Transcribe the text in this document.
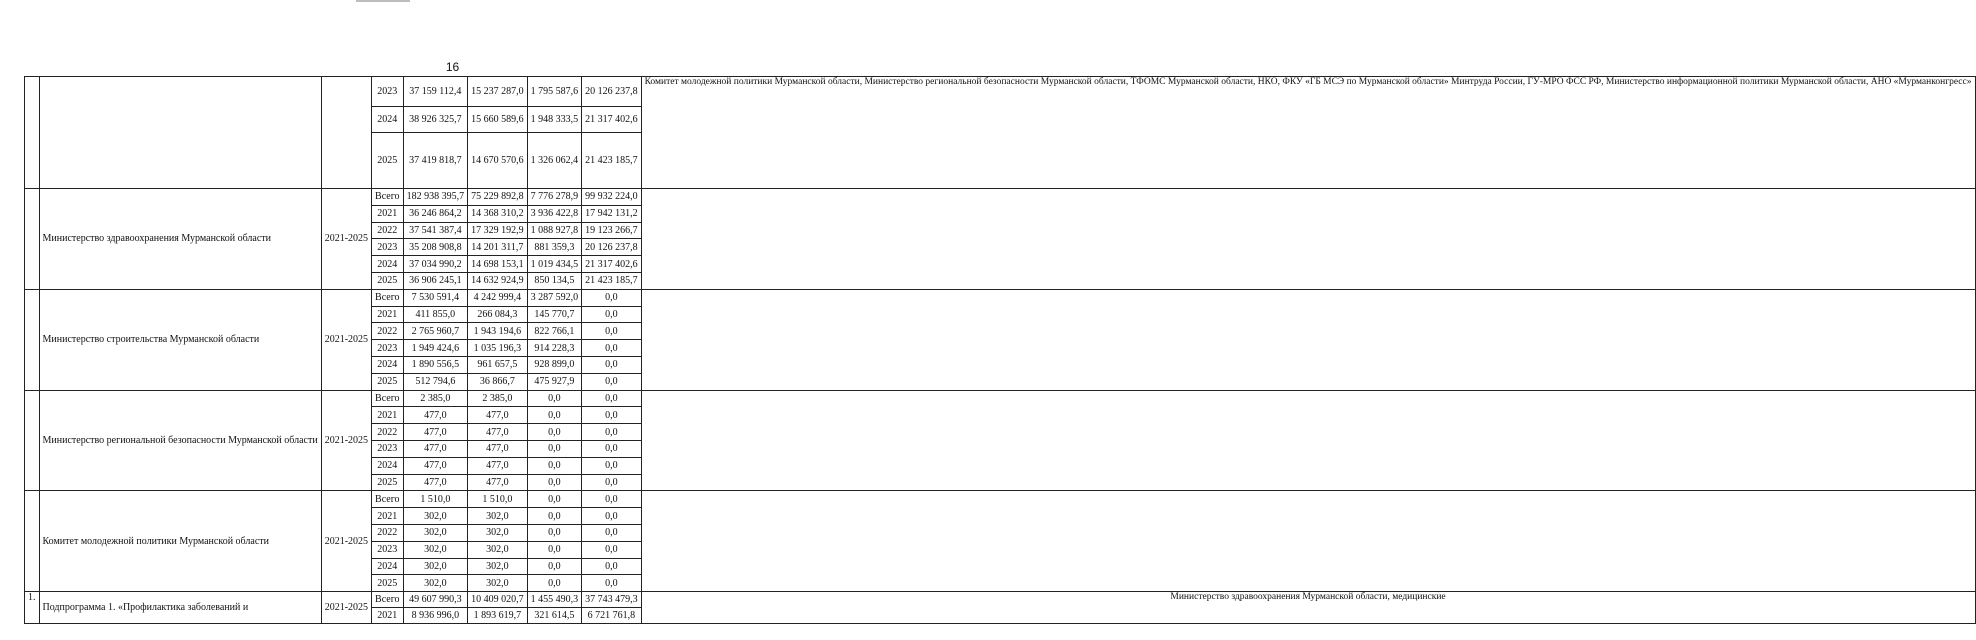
16
			2023	37 159 112,4	15 237 287,0	1 795 587,6	20 126 237,8	Комитет молодежной политики Мурманской области, Министерство региональной безопасности Мурманской области, ТФОМС Мурманской области, НКО, ФКУ «ГБ МСЭ по Мурманской области» Минтруда России, ГУ-МРО ФСС РФ, Министерство информационной политики Мурманской области, АНО «Мурманконгресс»
			2024	38 926 325,7	15 660 589,6	1 948 333,5	21 317 402,6	
			2025	37 419 818,7	14 670 570,6	1 326 062,4	21 423 185,7	
	Министерство здравоохранения Мурманской области	2021-2025	Всего	182 938 395,7	75 229 892,8	7 776 278,9	99 932 224,0	
			2021	36 246 864,2	14 368 310,2	3 936 422,8	17 942 131,2	
			2022	37 541 387,4	17 329 192,9	1 088 927,8	19 123 266,7	
			2023	35 208 908,8	14 201 311,7	881 359,3	20 126 237,8	
			2024	37 034 990,2	14 698 153,1	1 019 434,5	21 317 402,6	
			2025	36 906 245,1	14 632 924,9	850 134,5	21 423 185,7	
	Министерство строительства Мурманской области	2021-2025	Всего	7 530 591,4	4 242 999,4	3 287 592,0	0,0	
			2021	411 855,0	266 084,3	145 770,7	0,0	
			2022	2 765 960,7	1 943 194,6	822 766,1	0,0	
			2023	1 949 424,6	1 035 196,3	914 228,3	0,0	
			2024	1 890 556,5	961 657,5	928 899,0	0,0	
			2025	512 794,6	36 866,7	475 927,9	0,0	
	Министерство региональной безопасности Мурманской области	2021-2025	Всего	2 385,0	2 385,0	0,0	0,0	
			2021	477,0	477,0	0,0	0,0	
			2022	477,0	477,0	0,0	0,0	
			2023	477,0	477,0	0,0	0,0	
			2024	477,0	477,0	0,0	0,0	
			2025	477,0	477,0	0,0	0,0	
	Комитет молодежной политики Мурманской области	2021-2025	Всего	1 510,0	1 510,0	0,0	0,0	
			2021	302,0	302,0	0,0	0,0	
			2022	302,0	302,0	0,0	0,0	
			2023	302,0	302,0	0,0	0,0	
			2024	302,0	302,0	0,0	0,0	
			2025	302,0	302,0	0,0	0,0	
1.	Подпрограмма 1. «Профилактика заболеваний и	2021-2025	Всего	49 607 990,3	10 409 020,7	1 455 490,3	37 743 479,3	Министерство здравоохранения Мурманской области, медицинские
			2021	8 936 996,0	1 893 619,7	321 614,5	6 721 761,8	
